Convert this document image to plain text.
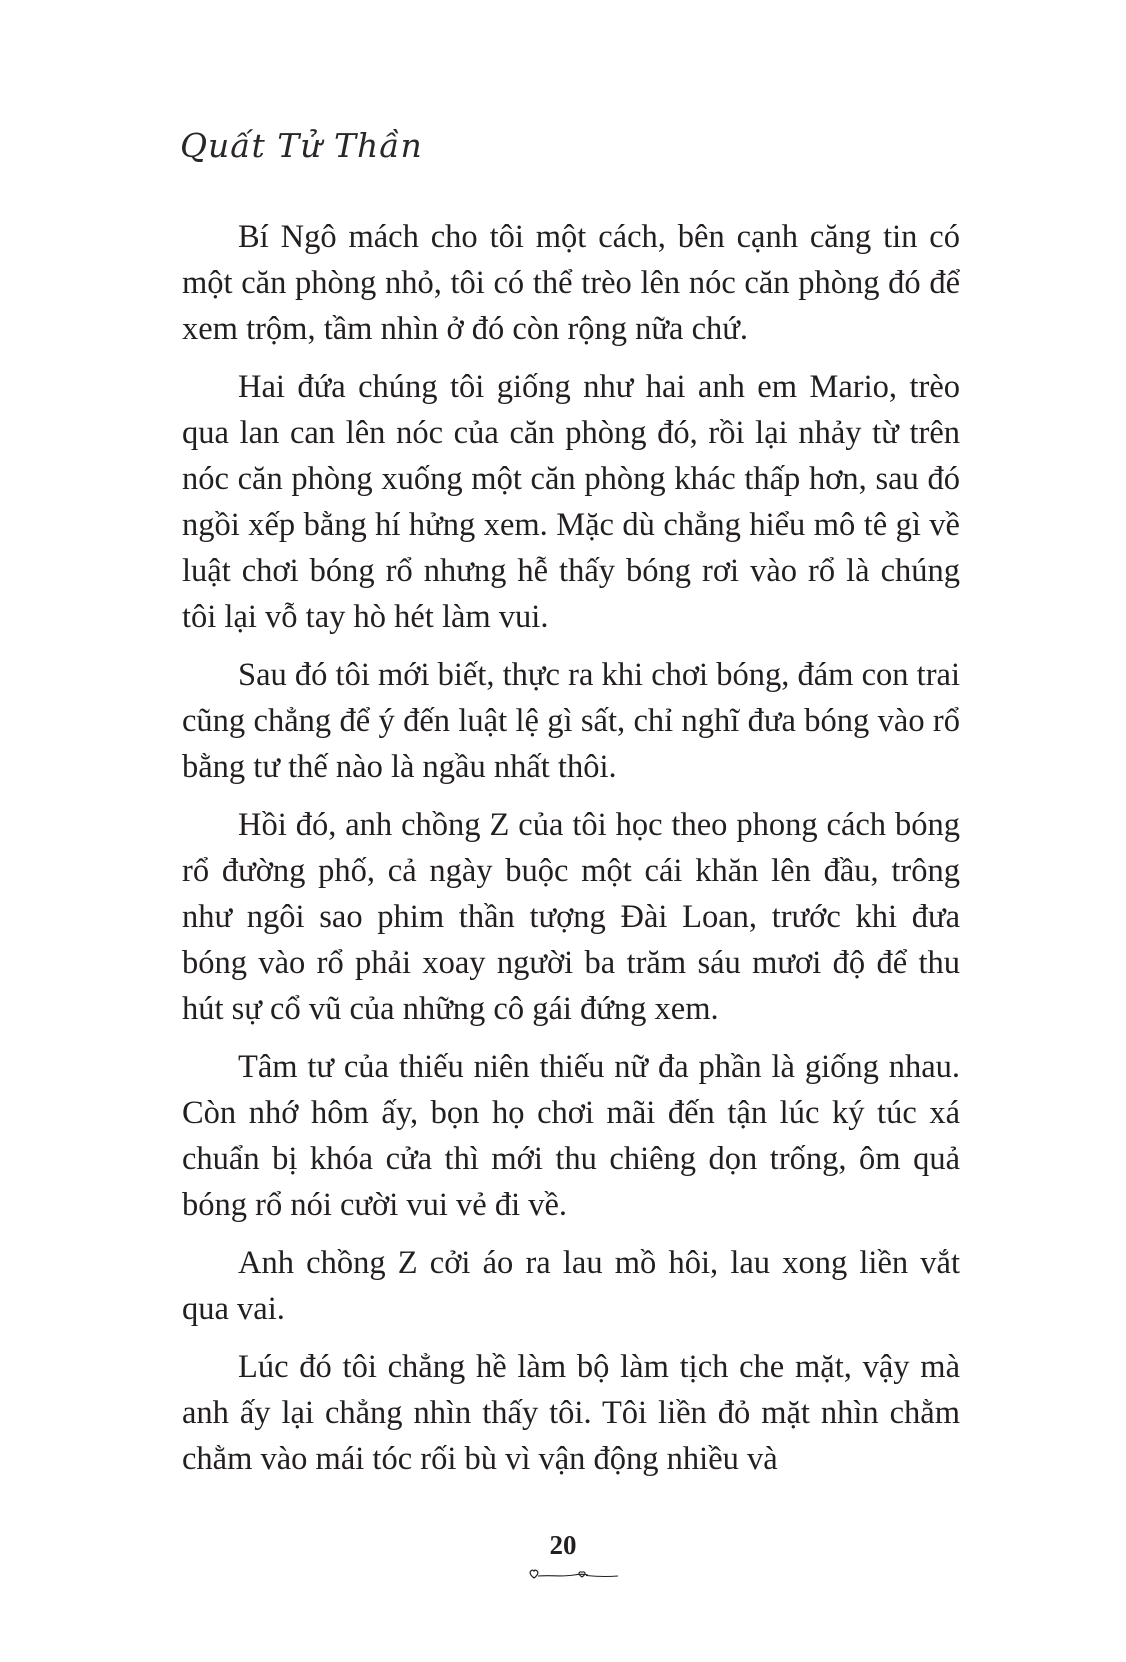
Quất Tử Thần

Bí Ngô mách cho tôi một cách, bên cạnh căng tin có một căn phòng nhỏ, tôi có thể trèo lên nóc căn phòng đó để xem trộm, tầm nhìn ở đó còn rộng nữa chứ.

Hai đứa chúng tôi giống như hai anh em Mario, trèo qua lan can lên nóc của căn phòng đó, rồi lại nhảy từ trên nóc căn phòng xuống một căn phòng khác thấp hơn, sau đó ngồi xếp bằng hí hửng xem. Mặc dù chẳng hiểu mô tê gì về luật chơi bóng rổ nhưng hễ thấy bóng rơi vào rổ là chúng tôi lại vỗ tay hò hét làm vui.

Sau đó tôi mới biết, thực ra khi chơi bóng, đám con trai cũng chẳng để ý đến luật lệ gì sất, chỉ nghĩ đưa bóng vào rổ bằng tư thế nào là ngầu nhất thôi.

Hồi đó, anh chồng Z của tôi học theo phong cách bóng rổ đường phố, cả ngày buộc một cái khăn lên đầu, trông như ngôi sao phim thần tượng Đài Loan, trước khi đưa bóng vào rổ phải xoay người ba trăm sáu mươi độ để thu hút sự cổ vũ của những cô gái đứng xem.

Tâm tư của thiếu niên thiếu nữ đa phần là giống nhau. Còn nhớ hôm ấy, bọn họ chơi mãi đến tận lúc ký túc xá chuẩn bị khóa cửa thì mới thu chiêng dọn trống, ôm quả bóng rổ nói cười vui vẻ đi về.

Anh chồng Z cởi áo ra lau mồ hôi, lau xong liền vắt qua vai.

Lúc đó tôi chẳng hề làm bộ làm tịch che mặt, vậy mà anh ấy lại chẳng nhìn thấy tôi. Tôi liền đỏ mặt nhìn chằm chằm vào mái tóc rối bù vì vận động nhiều và

20
